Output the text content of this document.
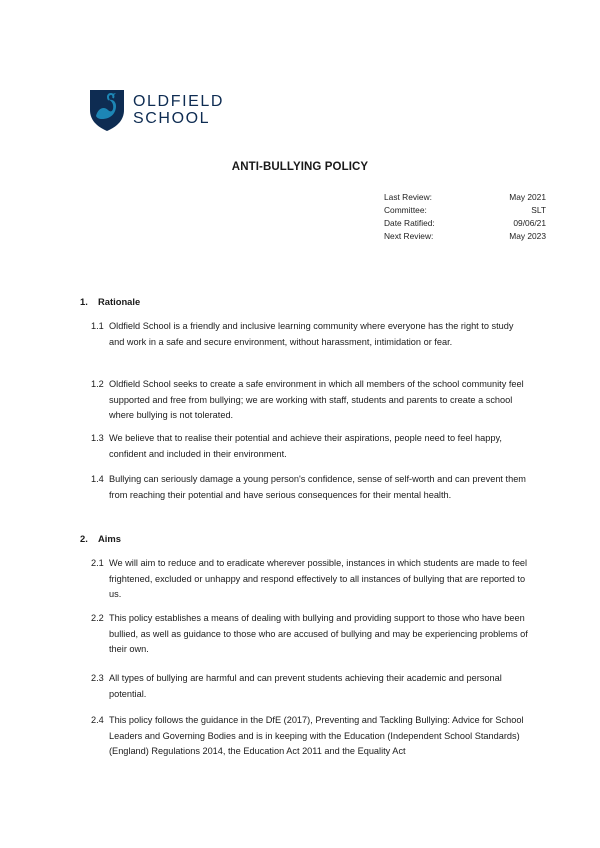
OLDFIELD
SCHOOL
ANTI-BULLYING POLICY
Last Review:	May 2021
Committee:	SLT
Date Ratified:	09/06/21
Next Review:	May 2023
1.	Rationale
1.1 Oldfield School is a friendly and inclusive learning community where everyone has the right to study and work in a safe and secure environment, without harassment, intimidation or fear.
1.2 Oldfield School seeks to create a safe environment in which all members of the school community feel supported and free from bullying; we are working with staff, students and parents to create a school where bullying is not tolerated.
1.3 We believe that to realise their potential and achieve their aspirations, people need to feel happy, confident and included in their environment.
1.4 Bullying can seriously damage a young person's confidence, sense of self-worth and can prevent them from reaching their potential and have serious consequences for their mental health.
2.	Aims
2.1 We will aim to reduce and to eradicate wherever possible, instances in which students are made to feel frightened, excluded or unhappy and respond effectively to all instances of bullying that are reported to us.
2.2 This policy establishes a means of dealing with bullying and providing support to those who have been bullied, as well as guidance to those who are accused of bullying and may be experiencing problems of their own.
2.3 All types of bullying are harmful and can prevent students achieving their academic and personal potential.
2.4 This policy follows the guidance in the DfE (2017), Preventing and Tackling Bullying: Advice for School Leaders and Governing Bodies and is in keeping with the Education (Independent School Standards) (England) Regulations 2014, the Education Act 2011 and the Equality Act
